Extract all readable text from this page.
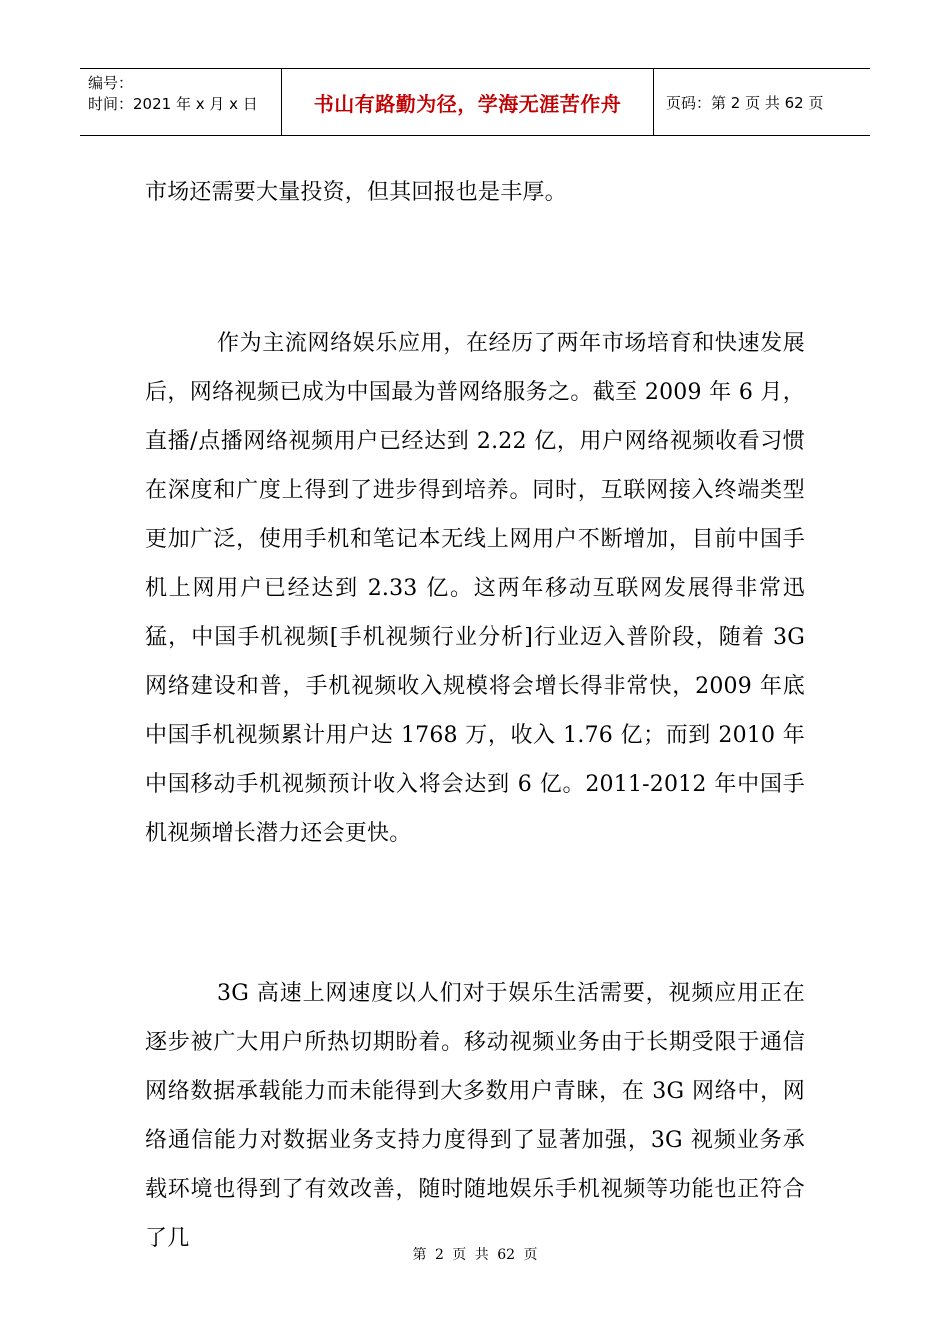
编号：
时间：2021 年 x 月 x 日	书山有路勤为径，学海无涯苦作舟	页码：第 2 页 共 62 页

市场还需要大量投资，但其回报也是丰厚。

作为主流网络娱乐应用，在经历了两年市场培育和快速发展后，网络视频已成为中国最为普网络服务之。截至 2009 年 6 月，直播/点播网络视频用户已经达到 2.22 亿，用户网络视频收看习惯在深度和广度上得到了进步得到培养。同时，互联网接入终端类型更加广泛，使用手机和笔记本无线上网用户不断增加，目前中国手机上网用户已经达到 2.33 亿。这两年移动互联网发展得非常迅猛，中国手机视频[手机视频行业分析]行业迈入普阶段，随着 3G 网络建设和普，手机视频收入规模将会增长得非常快，2009 年底中国手机视频累计用户达 1768 万，收入 1.76 亿；而到 2010 年中国移动手机视频预计收入将会达到 6 亿。2011-2012 年中国手机视频增长潜力还会更快。

3G 高速上网速度以人们对于娱乐生活需要，视频应用正在逐步被广大用户所热切期盼着。移动视频业务由于长期受限于通信网络数据承载能力而未能得到大多数用户青睐，在 3G 网络中，网络通信能力对数据业务支持力度得到了显著加强，3G 视频业务承载环境也得到了有效改善，随时随地娱乐手机视频等功能也正符合了几

第 2 页 共 62 页
